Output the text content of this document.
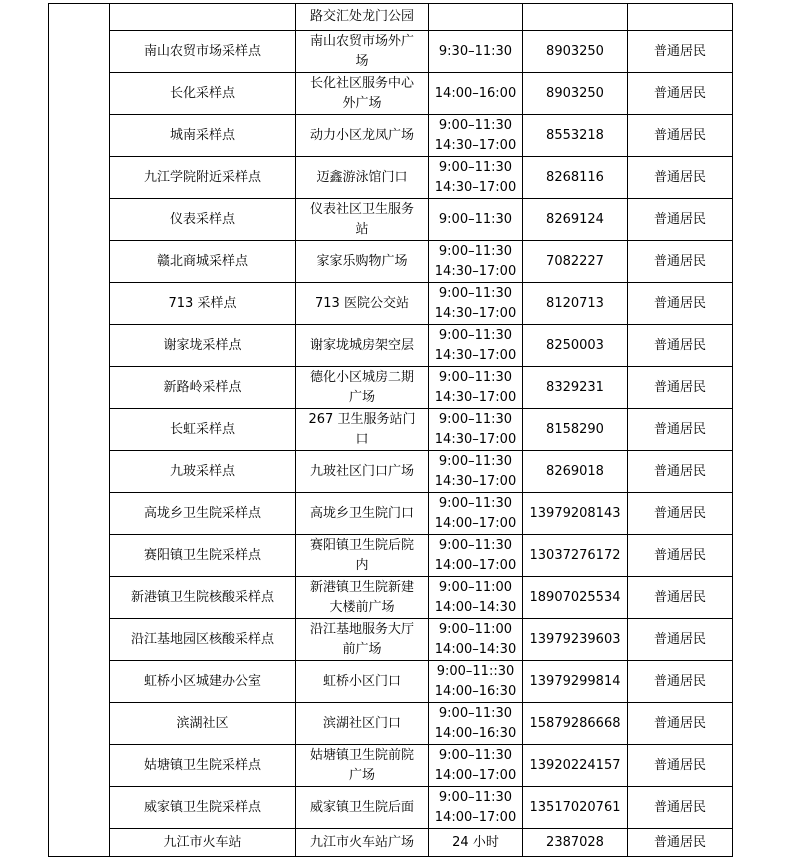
		路交汇处龙门公园			

	南山农贸市场采样点	南山农贸市场外广
场	9:30–11:30	8903250	普通居民

	长化采样点	长化社区服务中心
外广场	14:00–16:00	8903250	普通居民

	城南采样点	动力小区龙凤广场	9:00–11:30
14:30–17:00	8553218	普通居民

	九江学院附近采样点	迈鑫游泳馆门口	9:00–11:30
14:30–17:00	8268116	普通居民

	仪表采样点	仪表社区卫生服务
站	9:00–11:30	8269124	普通居民

	赣北商城采样点	家家乐购物广场	9:00–11:30
14:30–17:00	7082227	普通居民

	713 采样点	713 医院公交站	9:00–11:30
14:30–17:00	8120713	普通居民

	谢家垅采样点	谢家垅城房架空层	9:00–11:30
14:30–17:00	8250003	普通居民

	新路岭采样点	德化小区城房二期
广场	9:00–11:30
14:30–17:00	8329231	普通居民

	长虹采样点	267 卫生服务站门
口	9:00–11:30
14:30–17:00	8158290	普通居民

	九玻采样点	九玻社区门口广场	9:00–11:30
14:30–17:00	8269018	普通居民

	高垅乡卫生院采样点	高垅乡卫生院门口	9:00–11:30
14:00–17:00	13979208143	普通居民

	赛阳镇卫生院采样点	赛阳镇卫生院后院
内	9:00–11:30
14:00–17:00	13037276172	普通居民

	新港镇卫生院核酸采样点	新港镇卫生院新建
大楼前广场	9:00–11:00
14:00–14:30	18907025534	普通居民

	沿江基地园区核酸采样点	沿江基地服务大厅
前广场	9:00–11:00
14:00–14:30	13979239603	普通居民

	虹桥小区城建办公室	虹桥小区门口	9:00–11::30
14:00–16:30	13979299814	普通居民

	滨湖社区	滨湖社区门口	9:00–11:30
14:00–16:30	15879286668	普通居民

	姑塘镇卫生院采样点	姑塘镇卫生院前院
广场	9:00–11:30
14:00–17:00	13920224157	普通居民

	威家镇卫生院采样点	威家镇卫生院后面	9:00–11:30
14:00–17:00	13517020761	普通居民

	九江市火车站	九江市火车站广场	24 小时	2387028	普通居民
